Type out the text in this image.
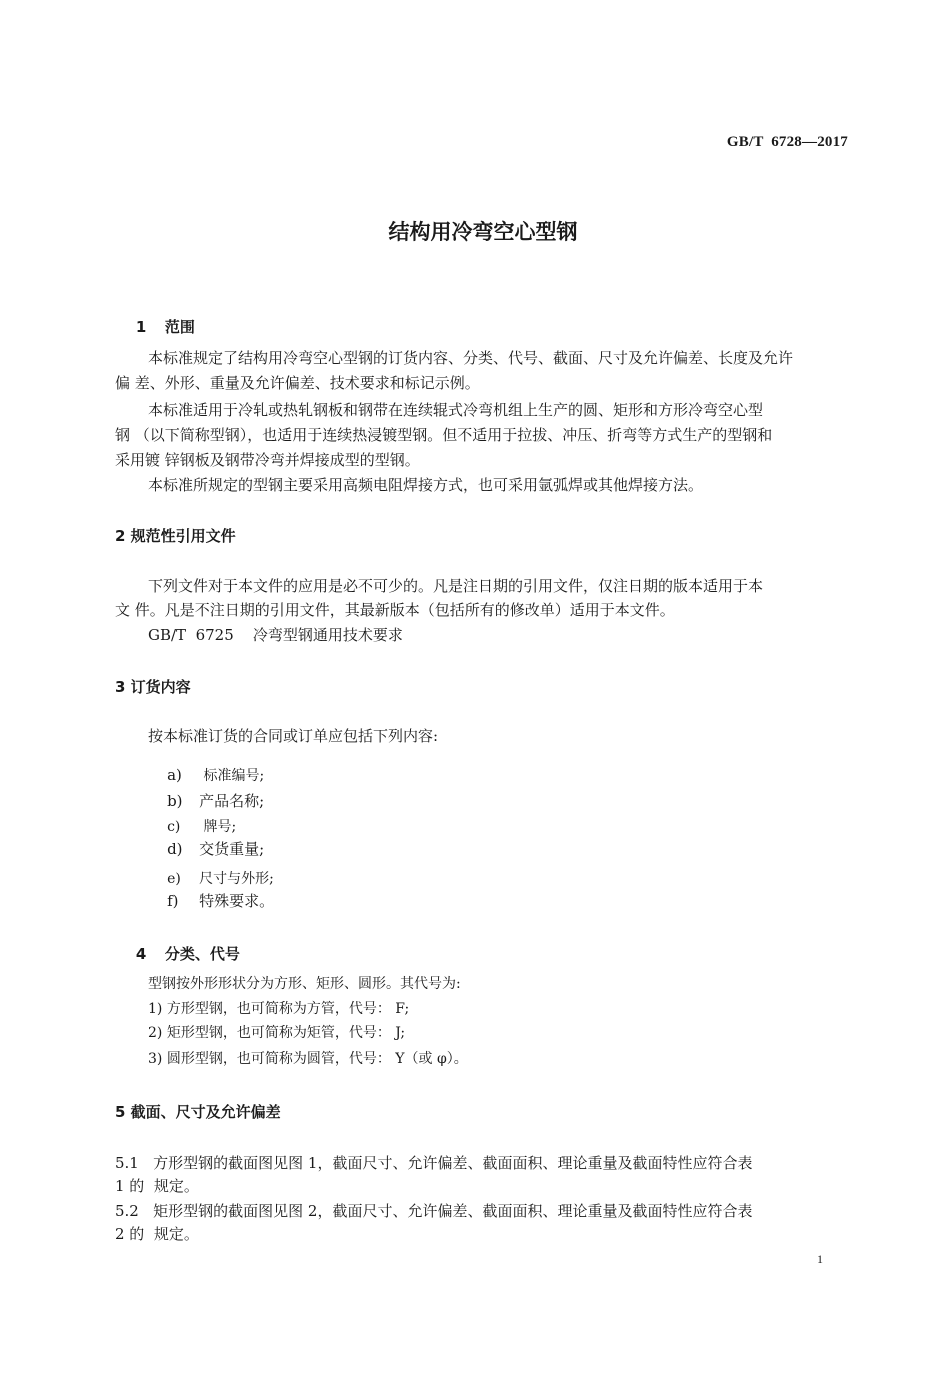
GB/T  6728—2017
结构用冷弯空心型钢

1 范围

本标准规定了结构用冷弯空心型钢的订货内容、分类、代号、截面、尺寸及允许偏差、长度及允许
偏 差、外形、重量及允许偏差、技术要求和标记示例。
本标准适用于冷轧或热轧钢板和钢带在连续辊式冷弯机组上生产的圆、矩形和方形冷弯空心型
钢 （以下简称型钢），也适用于连续热浸镀型钢。但不适用于拉拔、冲压、折弯等方式生产的型钢和
采用镀 锌钢板及钢带冷弯并焊接成型的型钢。
本标准所规定的型钢主要采用高频电阻焊接方式，也可采用氩弧焊或其他焊接方法。
2 规范性引用文件
下列文件对于本文件的应用是必不可少的。凡是注日期的引用文件，仅注日期的版本适用于本
文 件。凡是不注日期的引用文件，其最新版本（包括所有的修改单）适用于本文件。
GB/T  6725    冷弯型钢通用技术要求
3 订货内容
按本标准订货的合同或订单应包括下列内容:

a) 标准编号;

b) 产品名称;

c) 牌号;

d) 交货重量;

e) 尺寸与外形;

f) 特殊要求。

4 分类、代号

型钢按外形形状分为方形、矩形、圆形。其代号为:
1) 方形型钢，也可简称为方管，代号： F;
2) 矩形型钢，也可简称为矩管，代号： J;
3) 圆形型钢，也可简称为圆管，代号： Y（或 φ）。
5 截面、尺寸及允许偏差
5.1   方形型钢的截面图见图 1，截面尺寸、允许偏差、截面面积、理论重量及截面特性应符合表
1 的  规定。
5.2   矩形型钢的截面图见图 2，截面尺寸、允许偏差、截面面积、理论重量及截面特性应符合表
2 的  规定。
1
